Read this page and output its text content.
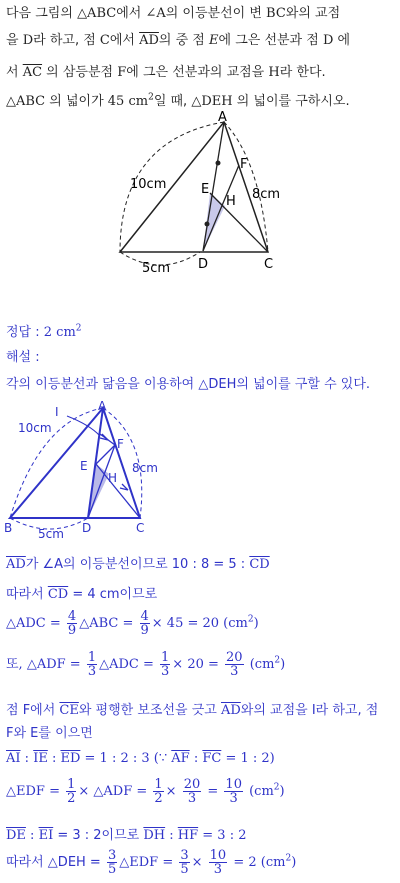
다음 그림의 △ABC에서 ∠A의 이등분선이 변 BC와의 교점
을 D라 하고, 점 C에서 $\overline{AD}$의 중 점 E에 그은 선분과 점 D 에
서 $\overline{AC}$ 의 삼등분점 F에 그은 선분과의 교점을 H라 한다.
△ABC 의 넓이가 45 $cm^2$일 때, △DEH 의 넓이를 구하시오.
A
F
E
H
D	C
10cm
8cm
5cm
정답 : 2 $cm^2$
해설 :
각의 이등분선과 닮음을 이용하여 △DEH의 넓이를 구할 수 있다.
A
I
F
E
H
B	D	C
10cm
8cm
5cm
$\overline{AD}$가 ∠A의 이등분선이므로 10 : 8 = 5 : $\overline{CD}$
따라서 $\overline{CD} = 4$ cm이므로
△ADC = $\frac{4}{9}$ △ABC = $\frac{4}{9} \times 45 = 20$ $(cm^2)$
또, △ADF = $\frac{1}{3}$ △ADC = $\frac{1}{3} \times 20 = \frac{20}{3} (cm^2)$
점 F에서 $\overline{CE}$와 평행한 보조선을 긋고 $\overline{AD}$와의 교점을 I라 하고, 점
F와 E를 이으면
$\overline{AI}$ : $\overline{IE}$ : $\overline{ED} = 1$ : 2 : 3 (∵ $\overline{AF}$ : $\overline{FC} = 1$ : 2)
△EDF = $\frac{1}{2}$ × △ADF = $\frac{1}{2} \times \frac{20}{3} = \frac{10}{3} (cm^2)$
$\overline{DE}$ : $\overline{EI} = 3$ : 2이므로 $\overline{DH}$ : $\overline{HF} = 3$ : 2
따라서 △DEH = $\frac{3}{5}$ △EDF = $\frac{3}{5} \times \frac{10}{3} = 2$ $(cm^2)$
